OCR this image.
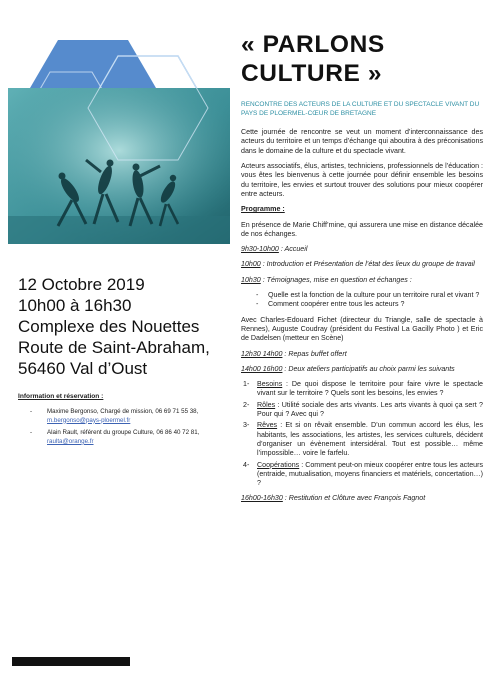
12 Octobre 2019
10h00 à 16h30
Complexe des Nouettes
Route de Saint-Abraham,
56460 Val d’Oust
Information et réservation :
- Maxime Bergonso, Chargé de mission, 06 69 71 55 38, m.bergonso@pays-ploermel.fr
- Alain Rault, référent du groupe Culture, 06 86 40 72 81, raulta@orange.fr
« PARLONS
CULTURE »
RENCONTRE DES ACTEURS DE LA CULTURE ET DU SPECTACLE VIVANT DU PAYS DE PLOERMEL-CŒUR DE BRETAGNE

Cette journée de rencontre se veut un moment d’interconnaissance des acteurs du territoire et un temps d’échange qui aboutira à des préconisations dans le domaine de la culture et du spectacle vivant.

Acteurs associatifs, élus, artistes, techniciens, professionnels de l’éducation : vous êtes les bienvenus à cette journée pour définir ensemble les besoins du territoire, les envies et surtout trouver des solutions pour mieux coopérer entre acteurs.

Programme :

En présence de Marie Chiff’mine, qui assurera une mise en distance décalée de nos échanges.

9h30-10h00 : Accueil

10h00 : Introduction et Présentation de l’état des lieux du groupe de travail

10h30 : Témoignages, mise en question et échanges :

- Quelle est la fonction de la culture pour un territoire rural et vivant ?
- Comment coopérer entre tous les acteurs ?

Avec Charles-Edouard Fichet (directeur du Triangle, salle de spectacle à Rennes), Auguste Coudray (président du Festival La Gacilly Photo ) et Eric de Dadelsen (metteur en Scène)

12h30 14h00 : Repas buffet offert

14h00 16h00 : Deux ateliers participatifs au choix parmi les suivants

1- Besoins : De quoi dispose le territoire pour faire vivre le spectacle vivant sur le territoire ? Quels sont les besoins, les envies ?
2- Rôles : Utilité sociale des arts vivants. Les arts vivants à quoi ça sert ? Pour qui ? Avec qui ?
3- Rêves : Et si on rêvait ensemble. D’un commun accord les élus, les habitants, les associations, les artistes, les services culturels, décident d’organiser un évènement intersidéral. Tout est possible… même l’impossible… voire le farfelu.
4- Coopérations : Comment peut-on mieux coopérer entre tous les acteurs (entraide, mutualisation, moyens financiers et matériels, concertation…) ?

16h00-16h30 : Restitution et Clôture avec François Fagnot
